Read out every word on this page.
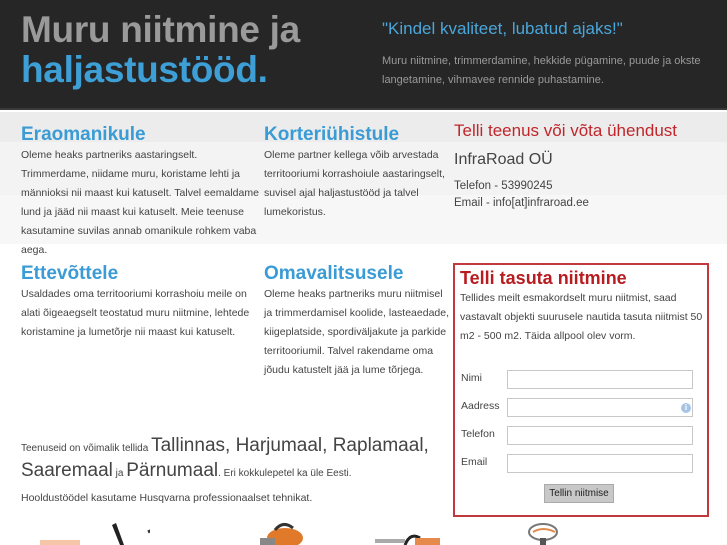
Muru niitmine ja
haljastustööd.
"Kindel kvaliteet, lubatud ajaks!"
Muru niitmine, trimmerdamine, hekkide pügamine, puude ja okste langetamine, vihmavee rennide puhastamine.
Eraomanikule

Oleme heaks partneriks aastaringselt. Trimmerdame, niidame muru, koristame lehti ja männioksi nii maast kui katuselt. Talvel eemaldame lund ja jääd nii maast kui katuselt. Meie teenuse kasutamine suvilas annab omanikule rohkem vaba aega.

Korteriühistule

Oleme partner kellega võib arvestada territooriumi korrashoiule aastaringselt, suvisel ajal haljastustööd ja talvel lumekoristus.

Ettevõttele

Usaldades oma territooriumi korrashoiu meile on alati õigeaegselt teostatud muru niitmine, lehtede koristamine ja lumetõrje nii maast kui katuselt.

Omavalitsusele

Oleme heaks partneriks muru niitmisel ja trimmerdamisel koolide, lasteaedade, kiigeplatside, spordiväljakute ja parkide territooriumil. Talvel rakendame oma jõudu katustelt jää ja lume tõrjega.

Telli teenus või võta ühendust
InfraRoad OÜ
Telefon - 53990245
Email - info[at]infraroad.ee
Telli tasuta niitmine
Tellides meilt esmakordselt muru niitmist, saad vastavalt objekti suurusele nautida tasuta niitmist 50 m2 - 500 m2. Täida allpool olev vorm.
Nimi
Aadress	i
Telefon
Email
Tellin niitmise
Teenuseid on võimalik tellida Tallinnas, Harjumaal, Raplamaal, Saaremaal ja Pärnumaal. Eri kokkulepetel ka üle Eesti.
Hooldustöödel kasutame Husqvarna professionaalset tehnikat.
